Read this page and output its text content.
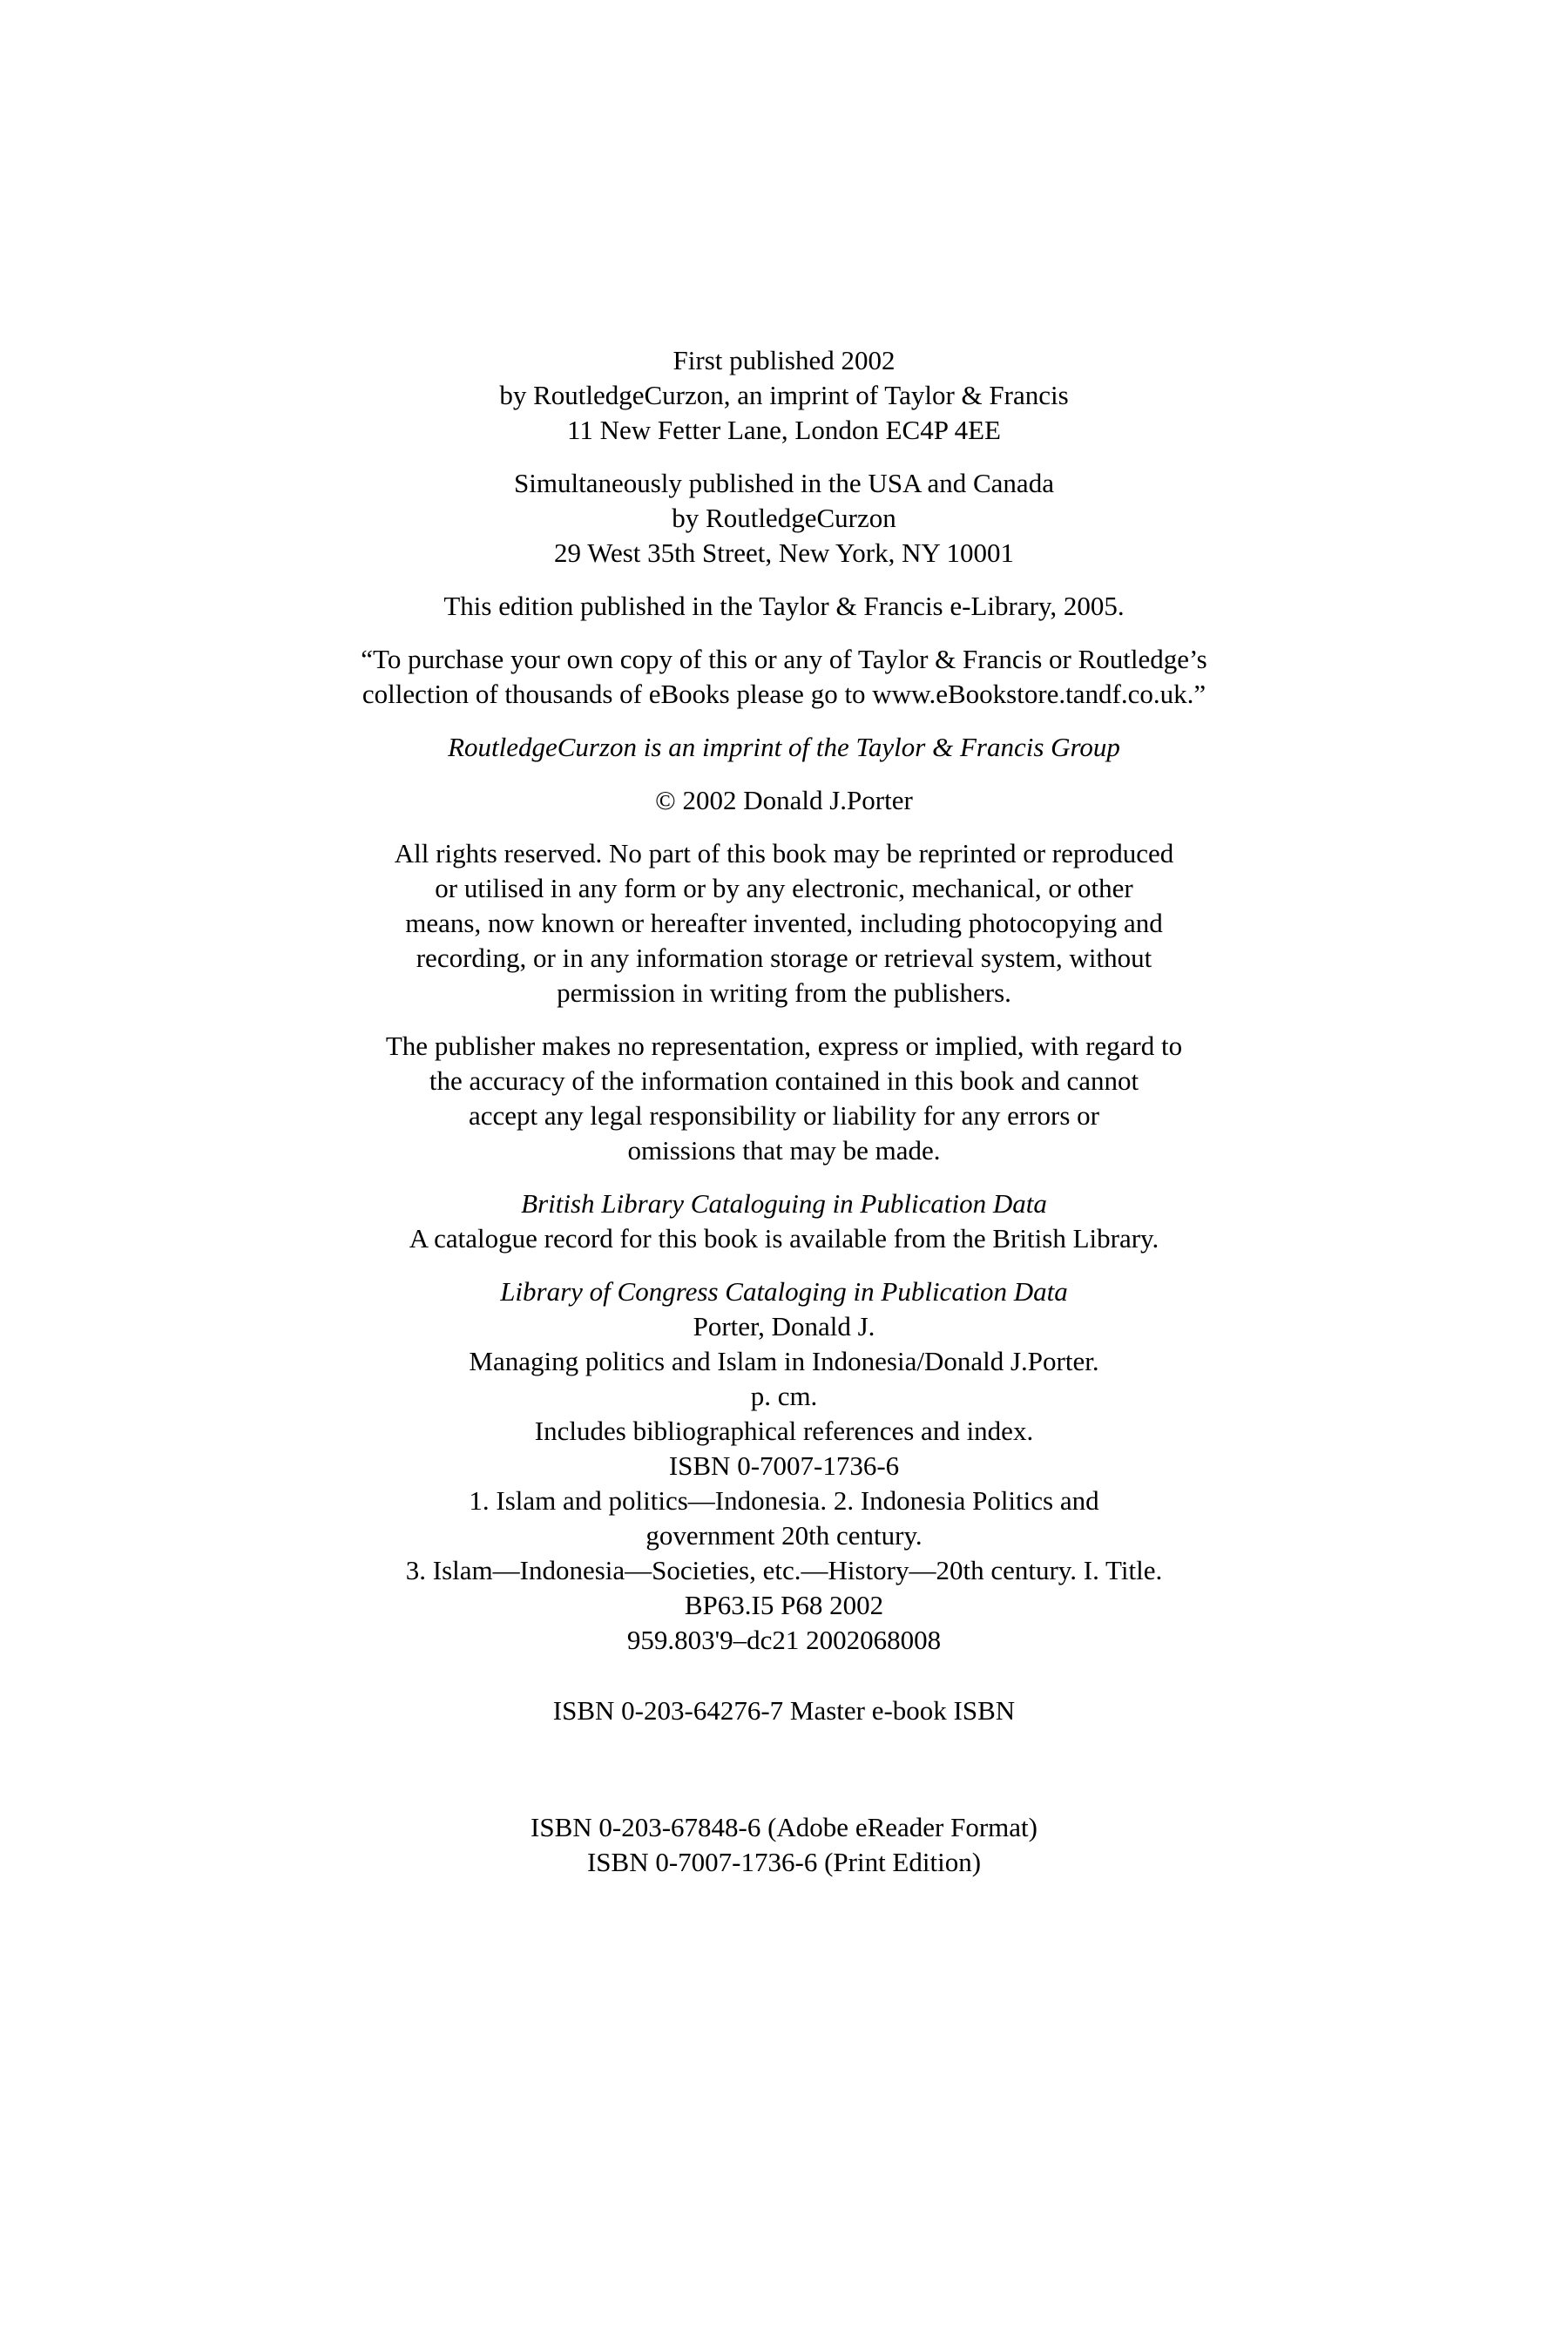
First published 2002
by RoutledgeCurzon, an imprint of Taylor & Francis
11 New Fetter Lane, London EC4P 4EE
Simultaneously published in the USA and Canada
by RoutledgeCurzon
29 West 35th Street, New York, NY 10001
This edition published in the Taylor & Francis e-Library, 2005.
“To purchase your own copy of this or any of Taylor & Francis or Routledge’s
collection of thousands of eBooks please go to www.eBookstore.tandf.co.uk.”
RoutledgeCurzon is an imprint of the Taylor & Francis Group
© 2002 Donald J.Porter
All rights reserved. No part of this book may be reprinted or reproduced
or utilised in any form or by any electronic, mechanical, or other
means, now known or hereafter invented, including photocopying and
recording, or in any information storage or retrieval system, without
permission in writing from the publishers.
The publisher makes no representation, express or implied, with regard to
the accuracy of the information contained in this book and cannot
accept any legal responsibility or liability for any errors or
omissions that may be made.
British Library Cataloguing in Publication Data
A catalogue record for this book is available from the British Library.
Library of Congress Cataloging in Publication Data
Porter, Donald J.
Managing politics and Islam in Indonesia/Donald J.Porter.
p. cm.
Includes bibliographical references and index.
ISBN 0-7007-1736-6
1. Islam and politics—Indonesia. 2. Indonesia Politics and
government 20th century.
3. Islam—Indonesia—Societies, etc.—History—20th century. I. Title.
BP63.I5 P68 2002
959.803'9–dc21 2002068008
ISBN 0-203-64276-7 Master e-book ISBN
ISBN 0-203-67848-6 (Adobe eReader Format)
ISBN 0-7007-1736-6 (Print Edition)
